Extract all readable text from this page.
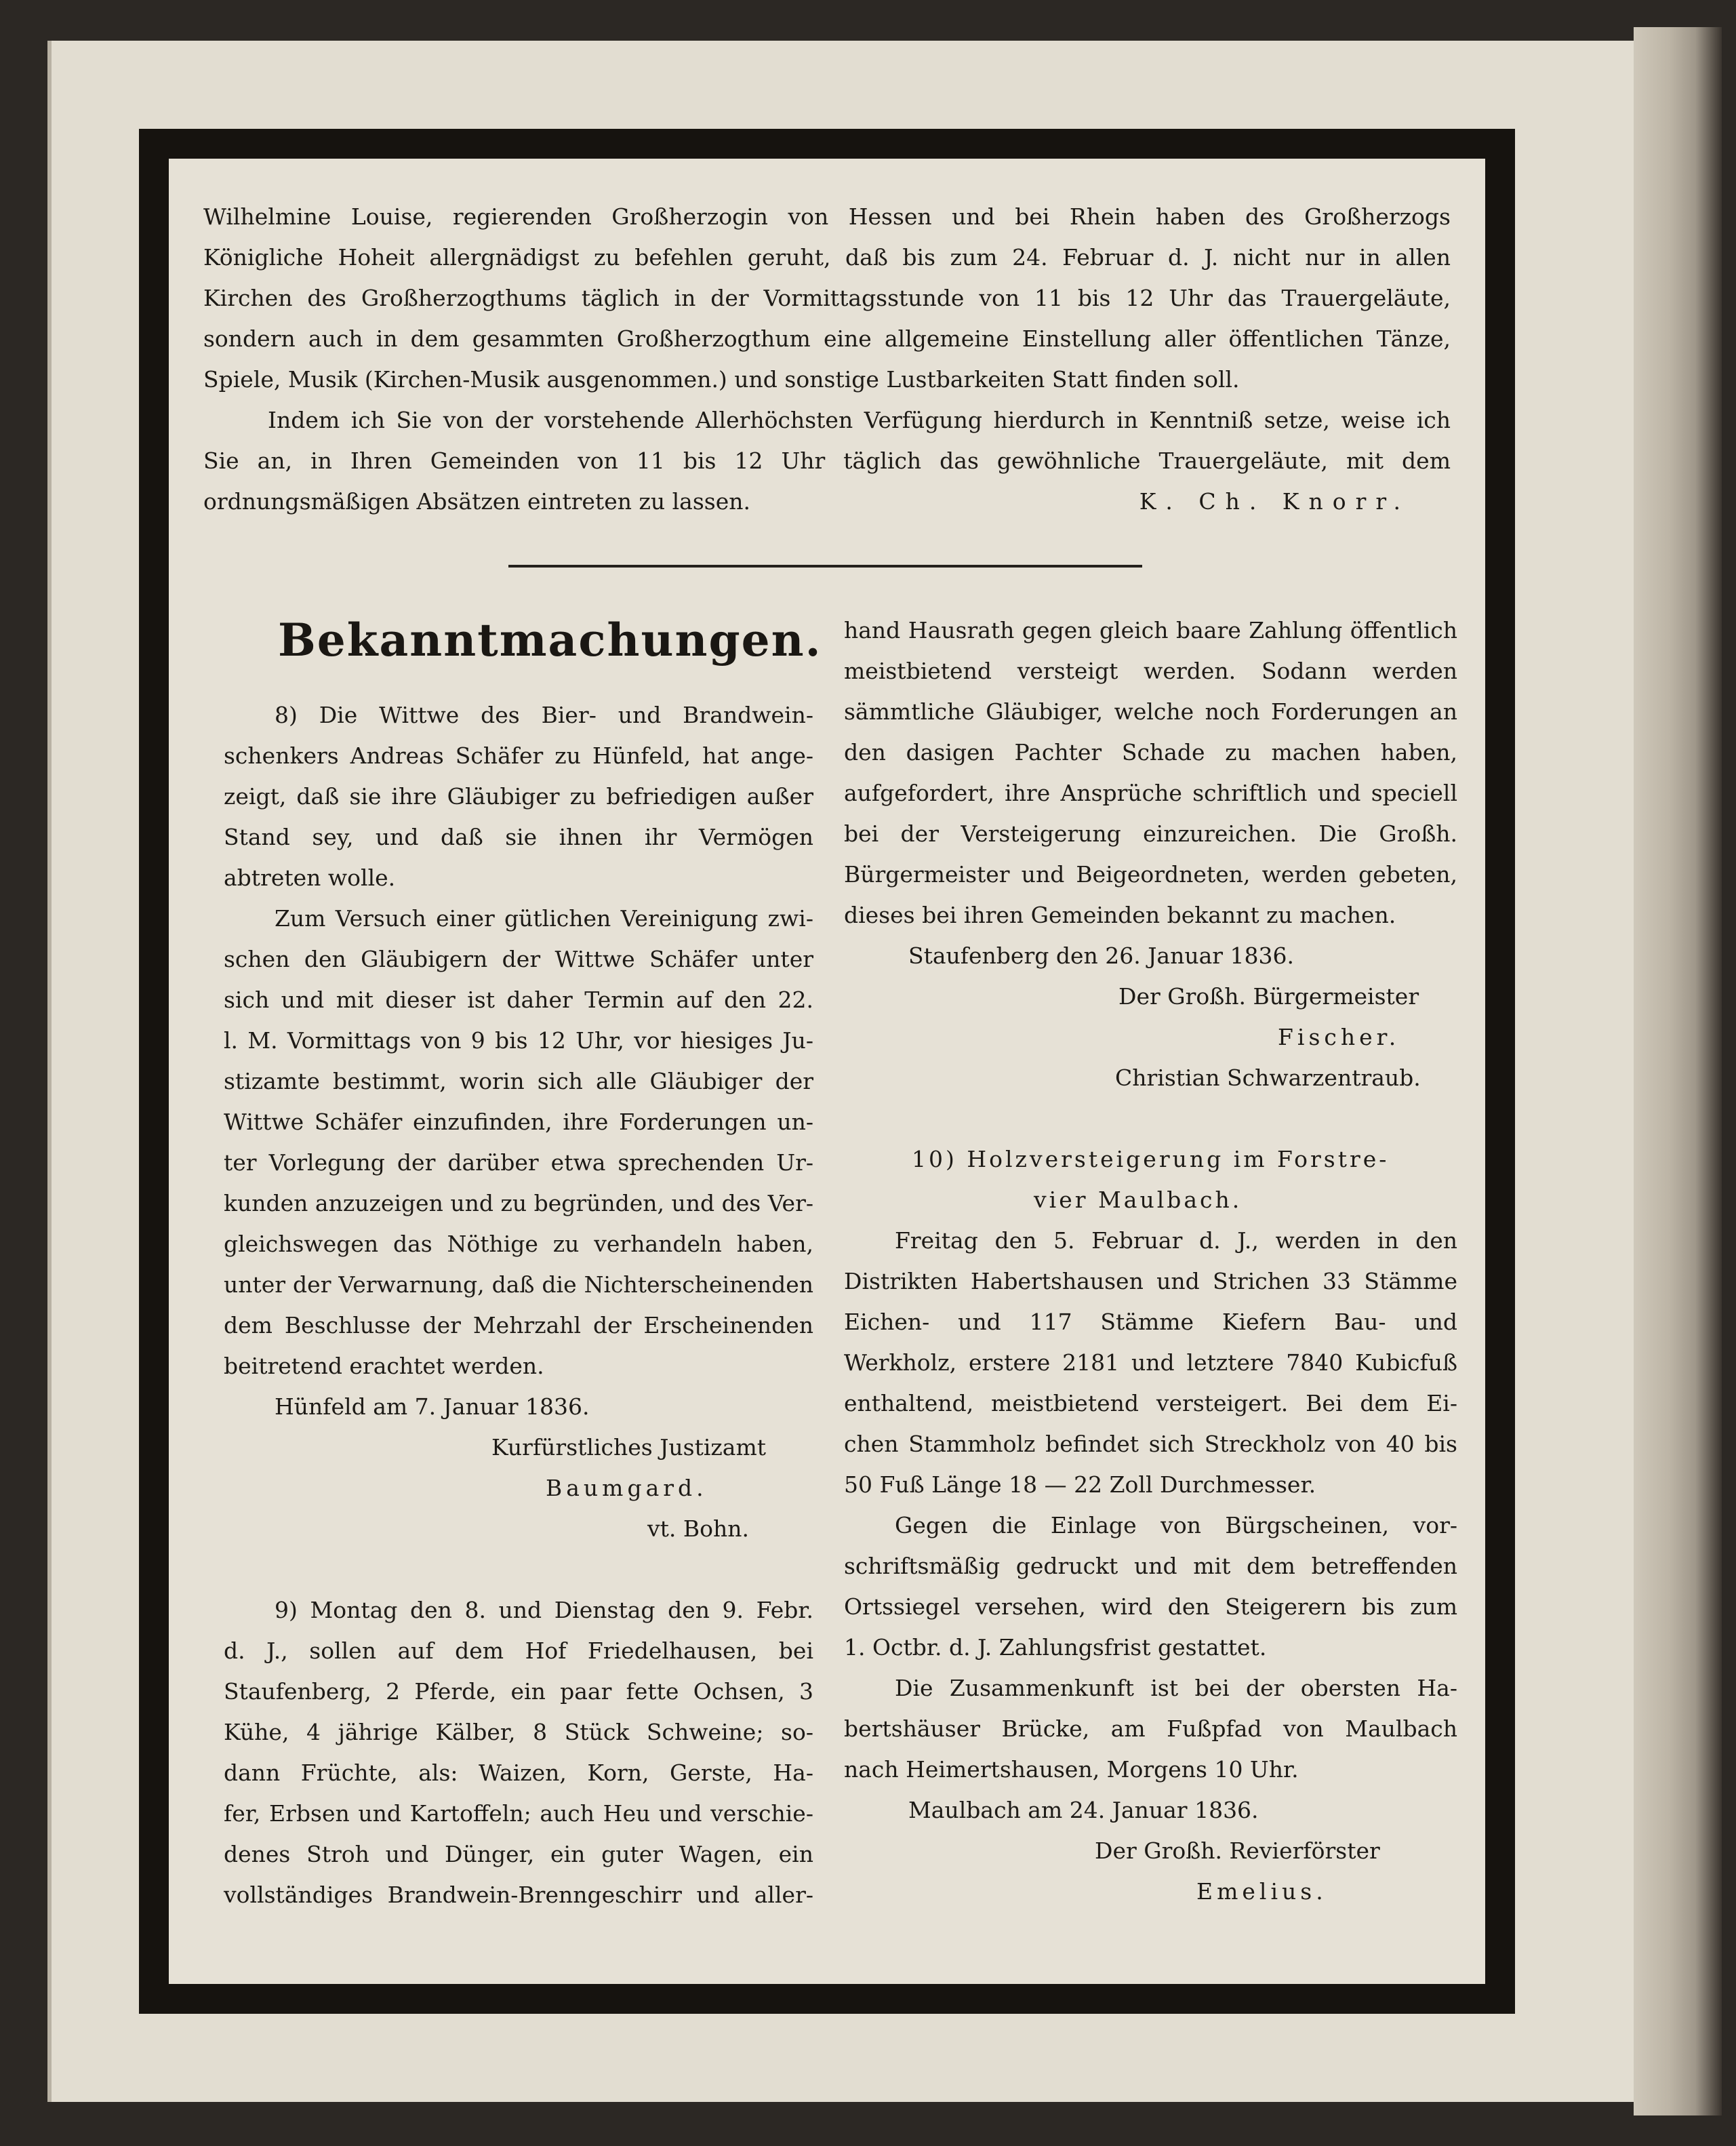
Wilhelmine Louise, regierenden Großherzogin von Hessen und bei Rhein haben des Großherzogs
Königliche Hoheit allergnädigst zu befehlen geruht, daß bis zum 24. Februar d. J. nicht nur in allen
Kirchen des Großherzogthums täglich in der Vormittagsstunde von 11 bis 12 Uhr das Trauergeläute,
sondern auch in dem gesammten Großherzogthum eine allgemeine Einstellung aller öffentlichen Tänze,
Spiele, Musik (Kirchen-Musik ausgenommen.) und sonstige Lustbarkeiten Statt finden soll.
Indem ich Sie von der vorstehende Allerhöchsten Verfügung hierdurch in Kenntniß setze, weise ich
Sie an, in Ihren Gemeinden von 11 bis 12 Uhr täglich das gewöhnliche Trauergeläute, mit dem
ordnungsmäßigen Absätzen eintreten zu lassen.	K. Ch. Knorr.
Bekanntmachungen.
8) Die Wittwe des Bier- und Brandwein-
schenkers Andreas Schäfer zu Hünfeld, hat ange-
zeigt, daß sie ihre Gläubiger zu befriedigen außer
Stand sey, und daß sie ihnen ihr Vermögen
abtreten wolle.
Zum Versuch einer gütlichen Vereinigung zwi-
schen den Gläubigern der Wittwe Schäfer unter
sich und mit dieser ist daher Termin auf den 22.
l. M. Vormittags von 9 bis 12 Uhr, vor hiesiges Ju-
stizamte bestimmt, worin sich alle Gläubiger der
Wittwe Schäfer einzufinden, ihre Forderungen un-
ter Vorlegung der darüber etwa sprechenden Ur-
kunden anzuzeigen und zu begründen, und des Ver-
gleichswegen das Nöthige zu verhandeln haben,
unter der Verwarnung, daß die Nichterscheinenden
dem Beschlusse der Mehrzahl der Erscheinenden
beitretend erachtet werden.
Hünfeld am 7. Januar 1836.
Kurfürstliches Justizamt
Baumgard.
vt. Bohn.
9) Montag den 8. und Dienstag den 9. Febr.
d. J., sollen auf dem Hof Friedelhausen, bei
Staufenberg, 2 Pferde, ein paar fette Ochsen, 3
Kühe, 4 jährige Kälber, 8 Stück Schweine; so-
dann Früchte, als: Waizen, Korn, Gerste, Ha-
fer, Erbsen und Kartoffeln; auch Heu und verschie-
denes Stroh und Dünger, ein guter Wagen, ein
vollständiges Brandwein-Brenngeschirr und aller-
hand Hausrath gegen gleich baare Zahlung öffentlich
meistbietend versteigt werden. Sodann werden
sämmtliche Gläubiger, welche noch Forderungen an
den dasigen Pachter Schade zu machen haben,
aufgefordert, ihre Ansprüche schriftlich und speciell
bei der Versteigerung einzureichen. Die Großh.
Bürgermeister und Beigeordneten, werden gebeten,
dieses bei ihren Gemeinden bekannt zu machen.
Staufenberg den 26. Januar 1836.
Der Großh. Bürgermeister
Fischer.
Christian Schwarzentraub.
10) Holzversteigerung im Forstre-
vier Maulbach.
Freitag den 5. Februar d. J., werden in den
Distrikten Habertshausen und Strichen 33 Stämme
Eichen- und 117 Stämme Kiefern Bau- und
Werkholz, erstere 2181 und letztere 7840 Kubicfuß
enthaltend, meistbietend versteigert. Bei dem Ei-
chen Stammholz befindet sich Streckholz von 40 bis
50 Fuß Länge 18 — 22 Zoll Durchmesser.
Gegen die Einlage von Bürgscheinen, vor-
schriftsmäßig gedruckt und mit dem betreffenden
Ortssiegel versehen, wird den Steigerern bis zum
1. Octbr. d. J. Zahlungsfrist gestattet.
Die Zusammenkunft ist bei der obersten Ha-
bertshäuser Brücke, am Fußpfad von Maulbach
nach Heimertshausen, Morgens 10 Uhr.
Maulbach am 24. Januar 1836.
Der Großh. Revierförster
Emelius.
